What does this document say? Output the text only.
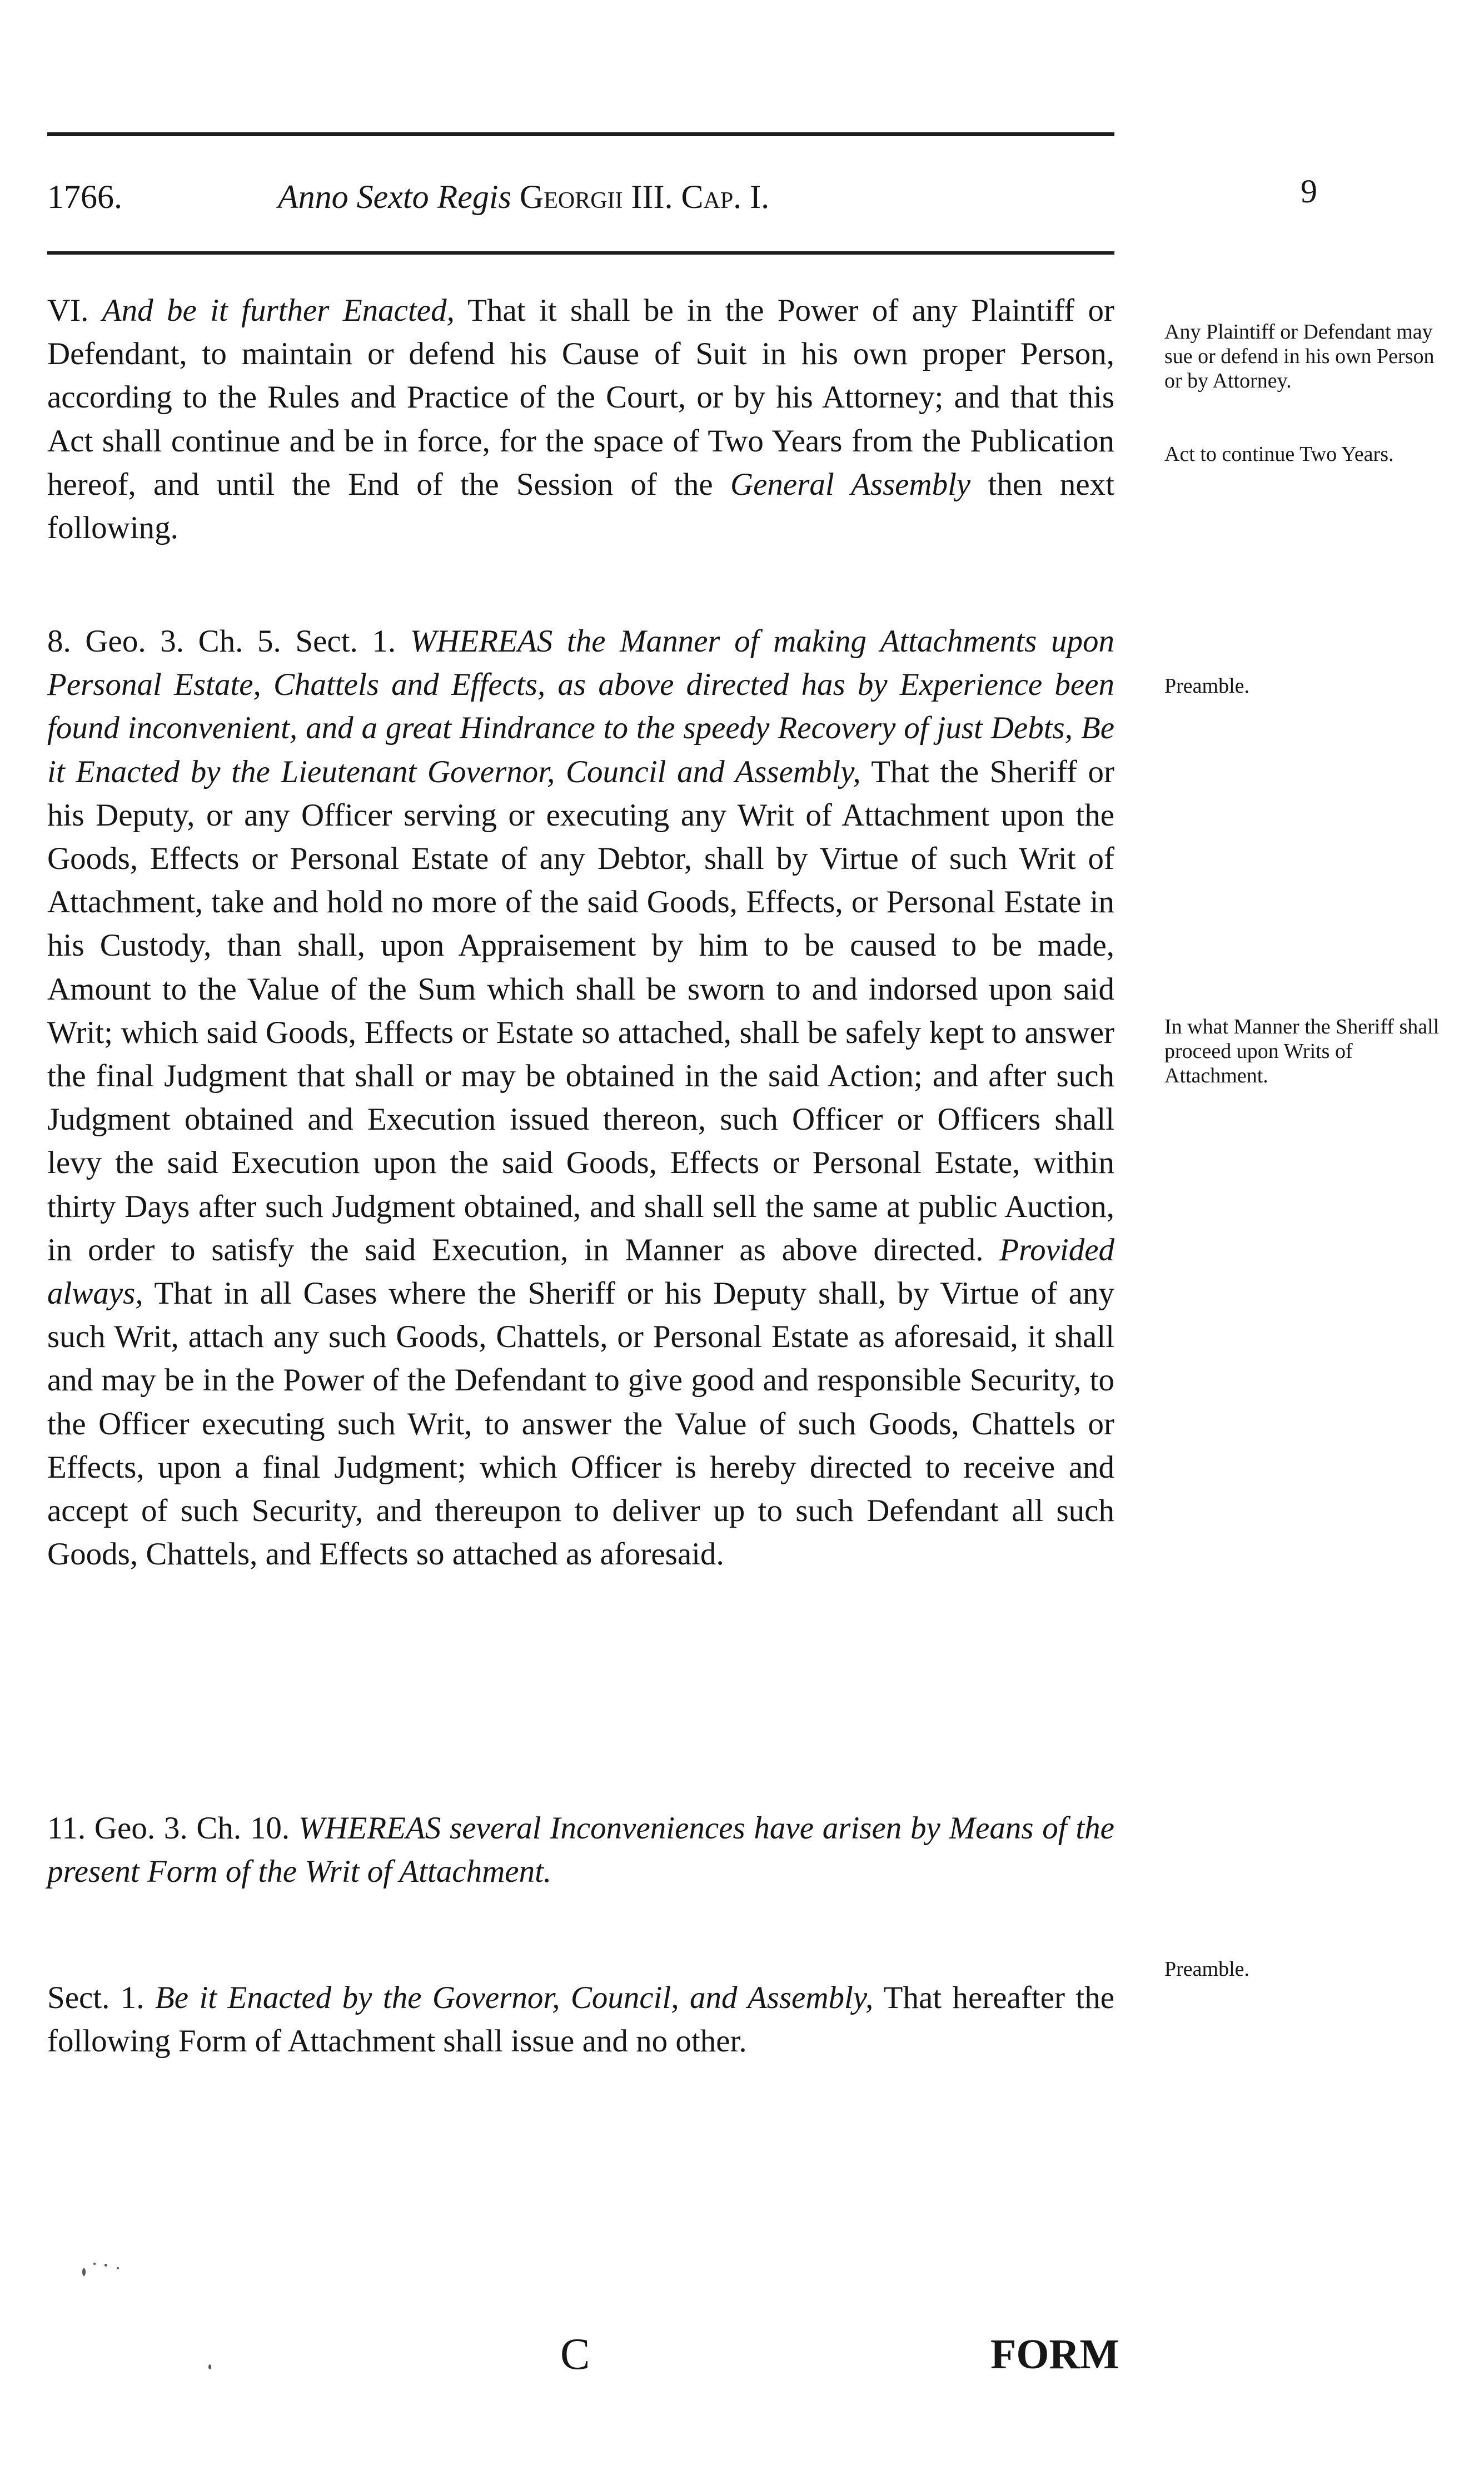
1766.	Anno Sexto Regis Georgii III. Cap. I.	9

VI. And be it further Enacted, That it shall be in the Power of any Plaintiff or Defendant, to maintain or defend his Cause of Suit in his own proper Person, according to the Rules and Practice of the Court, or by his Attorney; and that this Act shall continue and be in force, for the space of Two Years from the Publication hereof, and until the End of the Session of the General Assembly then next following.

8. Geo. 3. Ch. 5. Sect. 1. WHEREAS the Manner of making Attachments upon Personal Estate, Chattels and Effects, as above directed has by Experience been found inconvenient, and a great Hindrance to the speedy Recovery of just Debts, Be it Enacted by the Lieutenant Governor, Council and Assembly, That the Sheriff or his Deputy, or any Officer serving or executing any Writ of Attachment upon the Goods, Effects or Personal Estate of any Debtor, shall by Virtue of such Writ of Attachment, take and hold no more of the said Goods, Effects, or Personal Estate in his Custody, than shall, upon Appraisement by him to be caused to be made, Amount to the Value of the Sum which shall be sworn to and indorsed upon said Writ; which said Goods, Effects or Estate so attached, shall be safely kept to answer the final Judgment that shall or may be obtained in the said Action; and after such Judgment obtained and Execution issued thereon, such Officer or Officers shall levy the said Execution upon the said Goods, Effects or Personal Estate, within thirty Days after such Judgment obtained, and shall sell the same at public Auction, in order to satisfy the said Execution, in Manner as above directed. Provided always, That in all Cases where the Sheriff or his Deputy shall, by Virtue of any such Writ, attach any such Goods, Chattels, or Personal Estate as aforesaid, it shall and may be in the Power of the Defendant to give good and responsible Security, to the Officer executing such Writ, to answer the Value of such Goods, Chattels or Effects, upon a final Judgment; which Officer is hereby directed to receive and accept of such Security, and thereupon to deliver up to such Defendant all such Goods, Chattels, and Effects so attached as aforesaid.

11. Geo. 3. Ch. 10. WHEREAS several Inconveniences have arisen by Means of the present Form of the Writ of Attachment.

Sect. 1. Be it Enacted by the Governor, Council, and Assembly, That hereafter the following Form of Attachment shall issue and no other.

Any Plaintiff or Defendant may sue or defend in his own Person or by Attorney.
Act to continue Two Years.
Preamble.
In what Manner the Sheriff shall proceed upon Writs of Attachment.
Preamble.
C	FORM
